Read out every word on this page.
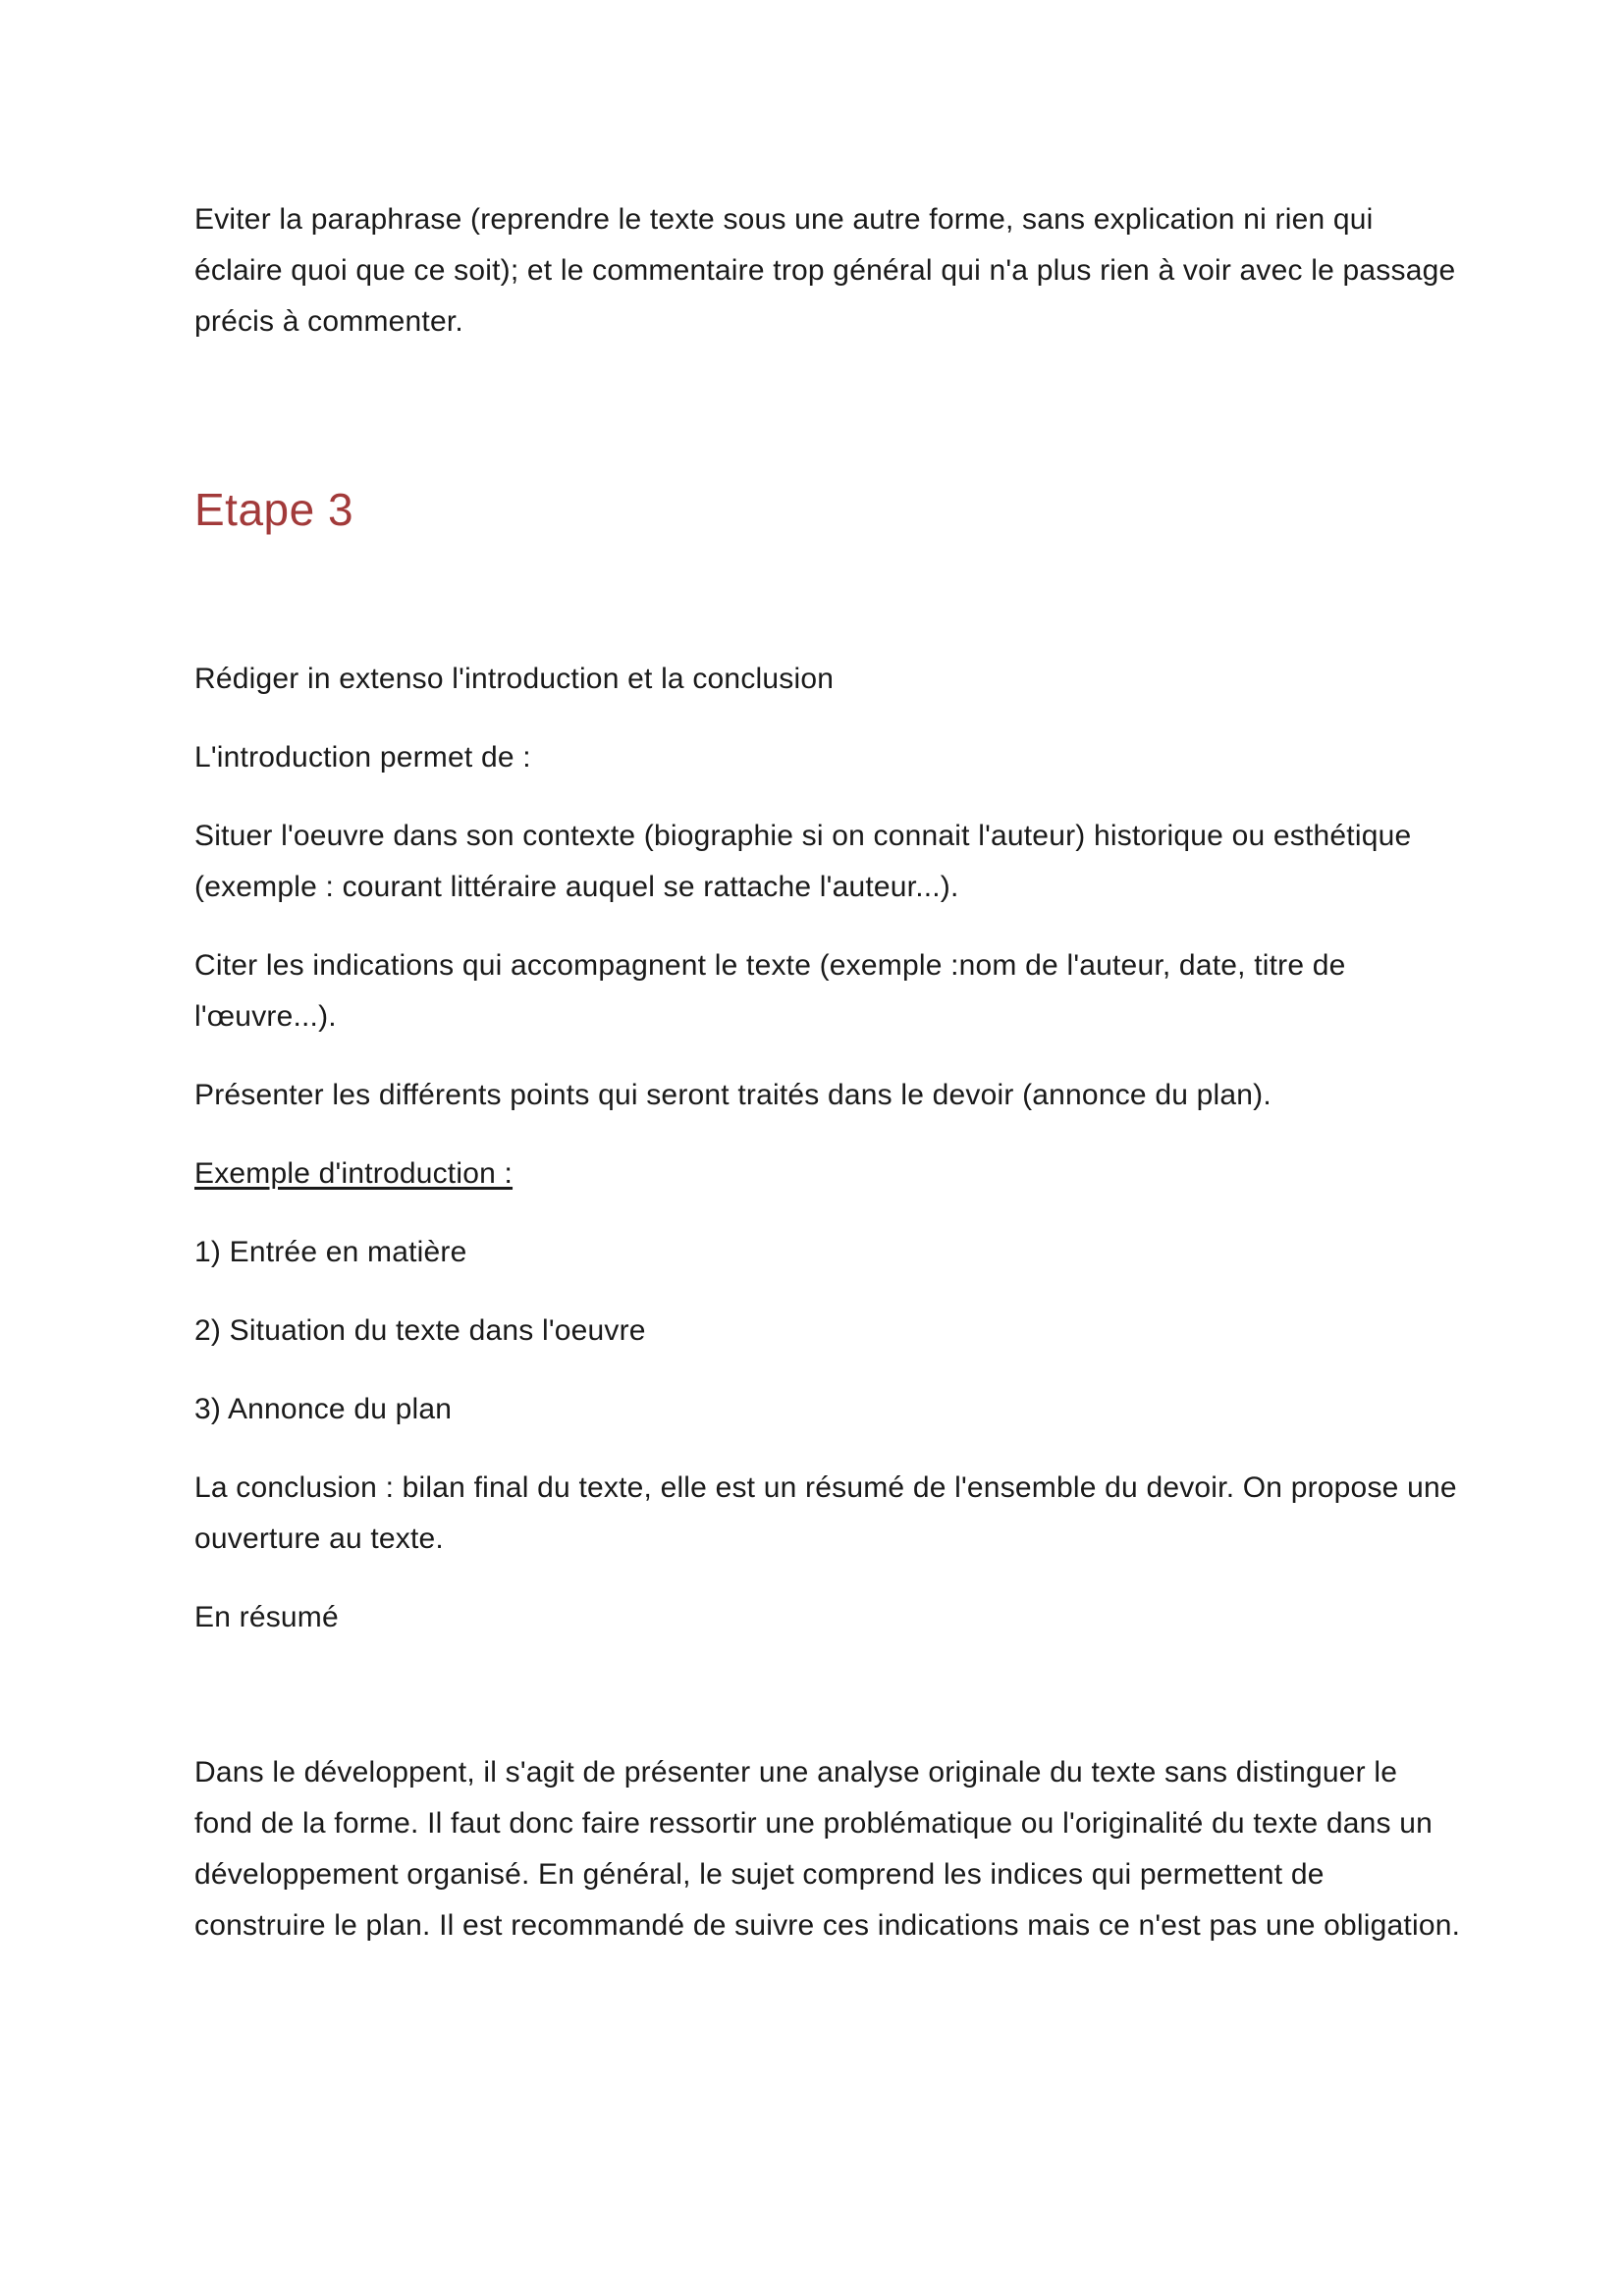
Eviter la paraphrase (reprendre le texte sous une autre forme, sans explication ni rien qui éclaire quoi que ce soit); et le commentaire trop général qui n'a plus rien à voir avec le passage précis à commenter.

Etape 3

Rédiger in extenso l'introduction et la conclusion

L'introduction permet de :

Situer l'oeuvre dans son contexte (biographie si on connait l'auteur) historique ou esthétique (exemple : courant littéraire auquel se rattache l'auteur...).

Citer les indications qui accompagnent le texte (exemple :nom de l'auteur, date, titre de l'œuvre...).

Présenter les différents points qui seront traités dans le devoir (annonce du plan).

Exemple d'introduction :

1) Entrée en matière

2) Situation du texte dans l'oeuvre

3) Annonce du plan

La conclusion : bilan final du texte, elle est un résumé de l'ensemble du devoir. On propose une ouverture au texte.

En résumé

Dans le développent, il s'agit de présenter une analyse originale du texte sans distinguer le fond de la forme. Il faut donc faire ressortir une problématique ou l'originalité du texte dans un développement organisé. En général, le sujet comprend les indices qui permettent de construire le plan. Il est recommandé de suivre ces indications mais ce n'est pas une obligation.
